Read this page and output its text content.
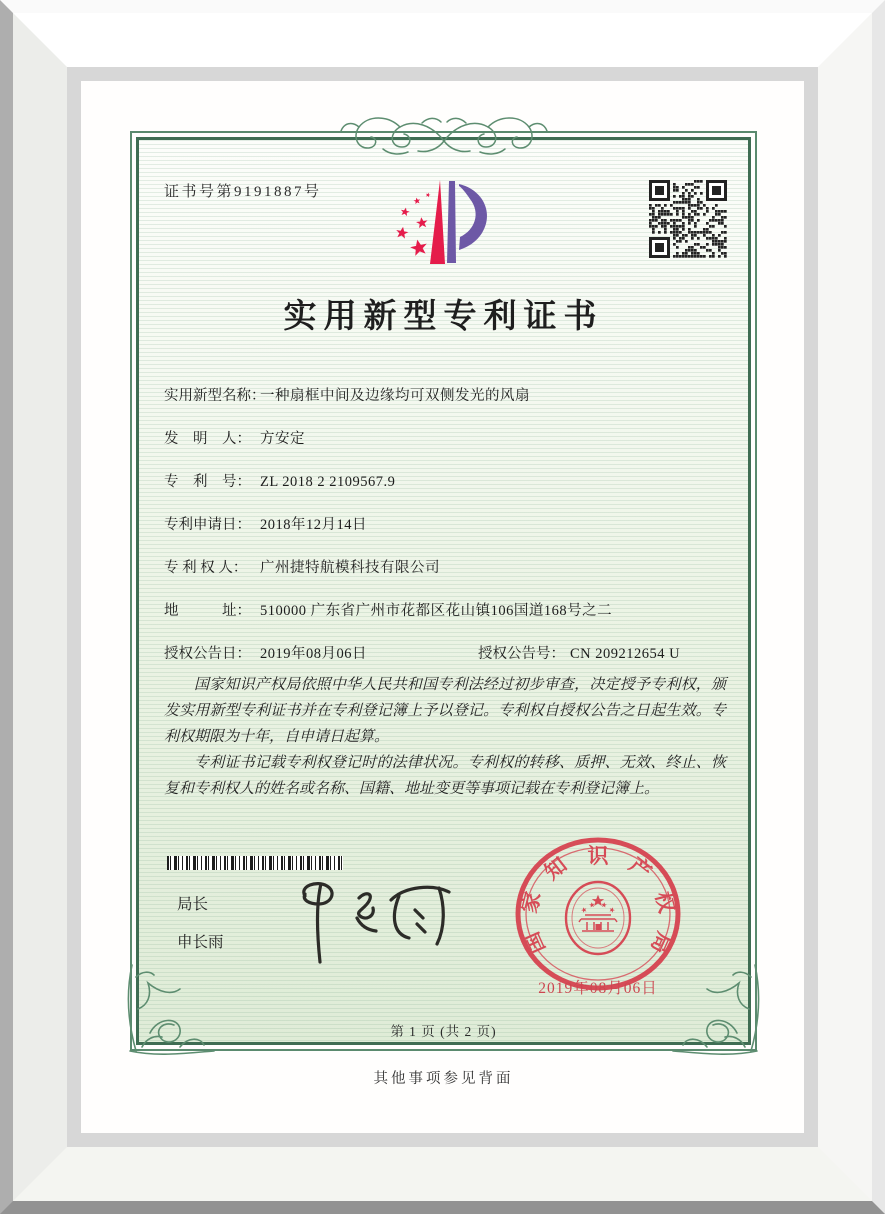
证书号第9191887号
实用新型专利证书
实用新型名称：一种扇框中间及边缘均可双侧发光的风扇
发　明　人： 方安定
专　利　号： ZL 2018 2 2109567.9
专利申请日： 2018年12月14日
专 利 权 人： 广州捷特航模科技有限公司
地　　　址： 510000 广东省广州市花都区花山镇106国道168号之二
授权公告日： 2019年08月06日	授权公告号： CN 209212654 U

国家知识产权局依照中华人民共和国专利法经过初步审查，决定授予专利权，颁发实用新型专利证书并在专利登记簿上予以登记。专利权自授权公告之日起生效。专利权期限为十年，自申请日起算。

专利证书记载专利权登记时的法律状况。专利权的转移、质押、无效、终止、恢复和专利权人的姓名或名称、国籍、地址变更等事项记载在专利登记簿上。

局长
申长雨	国
家
知 识 产
权
局
2019年08月06日
第 1 页 (共 2 页)
其他事项参见背面
